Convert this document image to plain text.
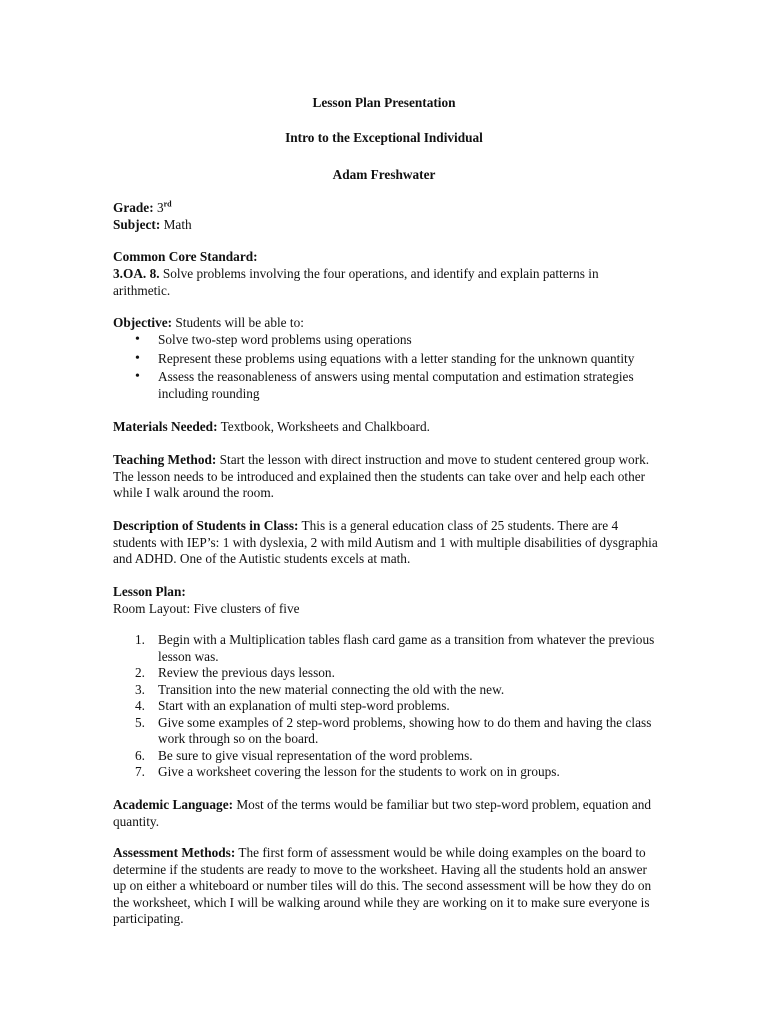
Lesson Plan Presentation
Intro to the Exceptional Individual
Adam Freshwater
Grade: 3rd
Subject: Math
Common Core Standard:
3.OA. 8. Solve problems involving the four operations, and identify and explain patterns in arithmetic.
Objective: Students will be able to:
• Solve two-step word problems using operations
• Represent these problems using equations with a letter standing for the unknown quantity
• Assess the reasonableness of answers using mental computation and estimation strategies including rounding
Materials Needed: Textbook, Worksheets and Chalkboard.
Teaching Method: Start the lesson with direct instruction and move to student centered group work. The lesson needs to be introduced and explained then the students can take over and help each other while I walk around the room.
Description of Students in Class: This is a general education class of 25 students. There are 4 students with IEP’s: 1 with dyslexia, 2 with mild Autism and 1 with multiple disabilities of dysgraphia and ADHD. One of the Autistic students excels at math.
Lesson Plan:
Room Layout: Five clusters of five
1. Begin with a Multiplication tables flash card game as a transition from whatever the previous lesson was.
2. Review the previous days lesson.
3. Transition into the new material connecting the old with the new.
4. Start with an explanation of multi step-word problems.
5. Give some examples of 2 step-word problems, showing how to do them and having the class work through so on the board.
6. Be sure to give visual representation of the word problems.
7. Give a worksheet covering the lesson for the students to work on in groups.
Academic Language: Most of the terms would be familiar but two step-word problem, equation and quantity.
Assessment Methods: The first form of assessment would be while doing examples on the board to determine if the students are ready to move to the worksheet. Having all the students hold an answer up on either a whiteboard or number tiles will do this. The second assessment will be how they do on the worksheet, which I will be walking around while they are working on it to make sure everyone is participating.
